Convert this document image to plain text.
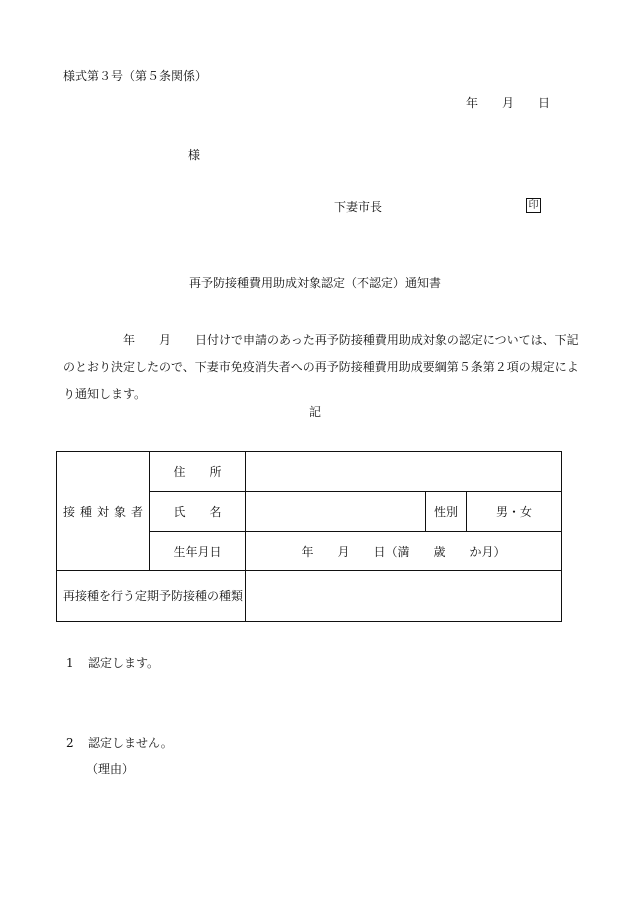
様式第３号（第５条関係）
年 月 日
様
下妻市長	印
再予防接種費用助成対象認定（不認定）通知書
　　　　　年　　月　　日付けで申請のあった再予防接種費用助成対象の認定については、下記のとおり決定したので、下妻市免疫消失者への再予防接種費用助成要綱第５条第２項の規定により通知します。
記
接種対象者	住　　所			
	氏　　名		性別	男・女
	生年月日	年　　月　　日（満　　歳　　か月）		
再接種を行う定期予防接種の種類				
1 認定します。
2 認定しません。
（理由）
